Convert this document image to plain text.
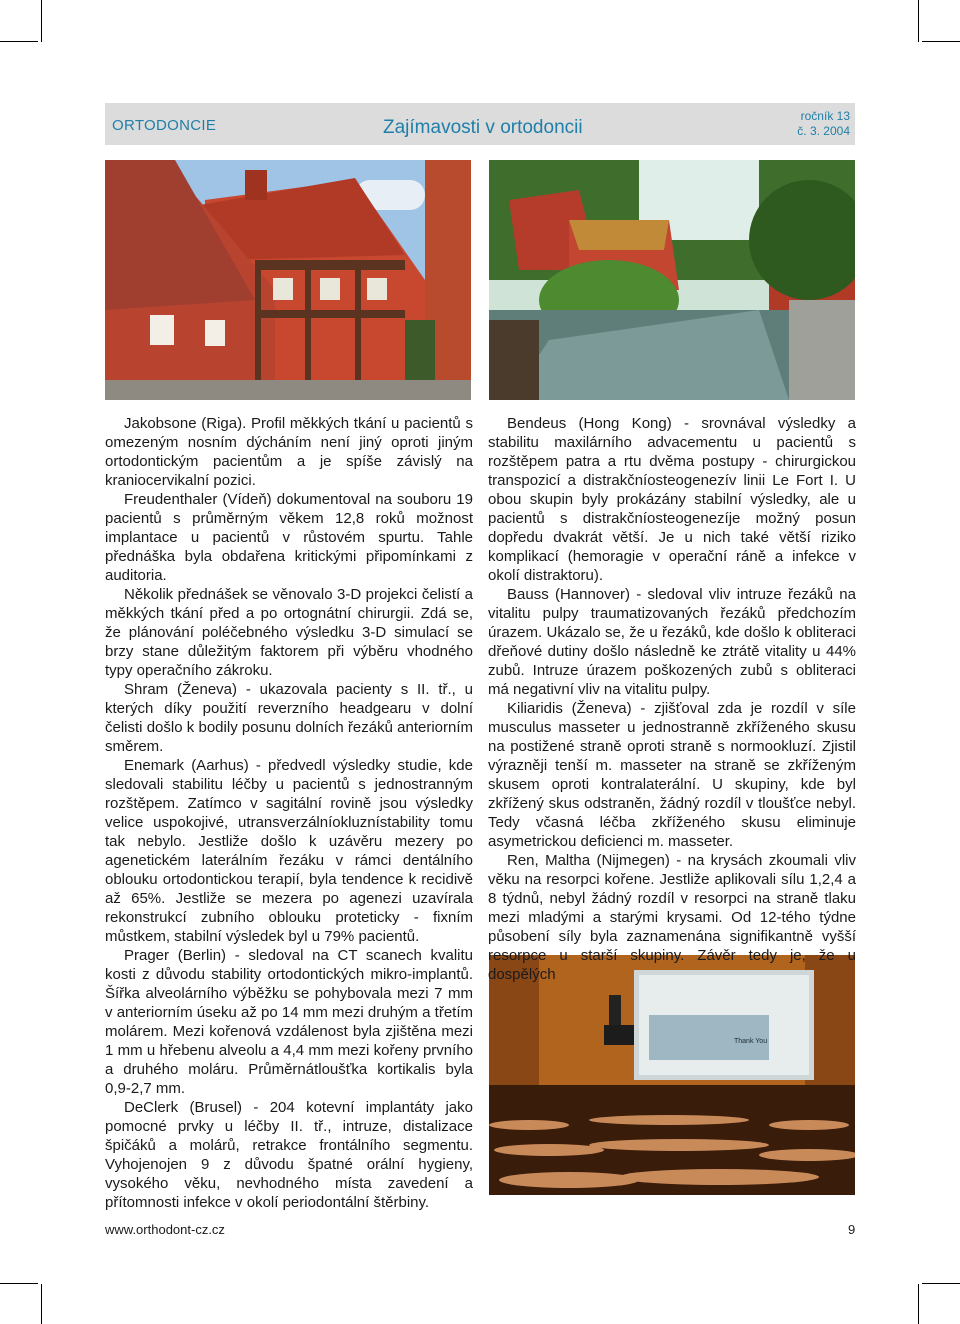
ORTODONCIE	Zajímavosti v ortodoncii
ročník 13
č. 3. 2004
Thank You

Jakobsone (Riga). Profil měkkých tkání u pacientů s omezeným nosním dýcháním není jiný oproti jiným ortodontickým pacientům a je spíše závislý na kraniocervikalní pozici.

Freudenthaler (Vídeň) dokumentoval na souboru 19 pacientů s průměrným věkem 12,8 roků možnost implantace u pacientů v růstovém spurtu. Tahle přednáška byla obdařena kritickými připomínkami z auditoria.

Několik přednášek se věnovalo 3-D projekci čelistí a měkkých tkání před a po ortognátní chirurgii. Zdá se, že plánování poléčebného výsledku 3-D simulací se brzy stane důležitým faktorem při výběru vhodného typy operačního zákroku.

Shram (Ženeva) - ukazovala pacienty s II. tř., u kterých díky použití reverzního headgearu v dolní čelisti došlo k bodily posunu dolních řezáků anteriorním směrem.

Enemark (Aarhus) - předvedl výsledky studie, kde sledovali stabilitu léčby u pacientů s jednostranným rozštěpem. Zatímco v sagitální rovině jsou výsledky velice uspokojivé, utransverzálníokluznístability tomu tak nebylo. Jestliže došlo k uzávěru mezery po agenetickém laterálním řezáku v rámci dentálního oblouku ortodontickou terapií, byla tendence k recidivě až 65%. Jestliže se mezera po agenezi uzavírala rekonstrukcí zubního oblouku proteticky - fixním můstkem, stabilní výsledek byl u 79% pacientů.

Prager (Berlin) - sledoval na CT scanech kvalitu kosti z důvodu stability ortodontických mikro-implantů. Šířka alveolárního výběžku se pohybovala mezi 7 mm v anteriorním úseku až po 14 mm mezi druhým a třetím molárem. Mezi kořenová vzdálenost byla zjištěna mezi 1 mm u hřebenu alveolu a 4,4 mm mezi kořeny prvního a druhého moláru. Průměrnátloušťka kortikalis byla 0,9-2,7 mm.

DeClerk (Brusel) - 204 kotevní implantáty jako pomocné prvky u léčby II. tř., intruze, distalizace špičáků a molárů, retrakce frontálního segmentu. Vyhojenojen 9 z důvodu špatné orální hygieny, vysokého věku, nevhodného místa zavedení a přítomnosti infekce v okolí periodontální štěrbiny.

Bendeus (Hong Kong) - srovnával výsledky a stabilitu maxilárního advacementu u pacientů s rozštěpem patra a rtu dvěma postupy - chirurgickou transpozicí a distrakčníosteogenezív linii Le Fort I. U obou skupin byly prokázány stabilní výsledky, ale u pacientů s distrakčníosteogenezíje možný posun dopředu dvakrát větší. Je u nich také větší riziko komplikací (hemoragie v operační ráně a infekce v okolí distraktoru).

Bauss (Hannover) - sledoval vliv intruze řezáků na vitalitu pulpy traumatizovaných řezáků předchozím úrazem. Ukázalo se, že u řezáků, kde došlo k obliteraci dřeňové dutiny došlo následně ke ztrátě vitality u 44% zubů. Intruze úrazem poškozených zubů s obliteraci má negativní vliv na vitalitu pulpy.

Kiliaridis (Ženeva) - zjišťoval zda je rozdíl v síle musculus masseter u jednostranně zkříženého skusu na postižené straně oproti straně s normookluzí. Zjistil výrazněji tenší m. masseter na straně se zkříženým skusem oproti kontralaterální. U skupiny, kde byl zkřížený skus odstraněn, žádný rozdíl v tloušťce nebyl. Tedy včasná léčba zkříženého skusu eliminuje asymetrickou deficienci m. masseter.

Ren, Maltha (Nijmegen) - na krysách zkoumali vliv věku na resorpci kořene. Jestliže aplikovali sílu 1,2,4 a 8 týdnů, nebyl žádný rozdíl v resorpci na straně tlaku mezi mladými a starými krysami. Od 12-tého týdne působení síly byla zaznamenána signifikantně vyšší resorpce u starší skupiny. Závěr tedy je, že u dospělých

www.orthodont-cz.cz	9
